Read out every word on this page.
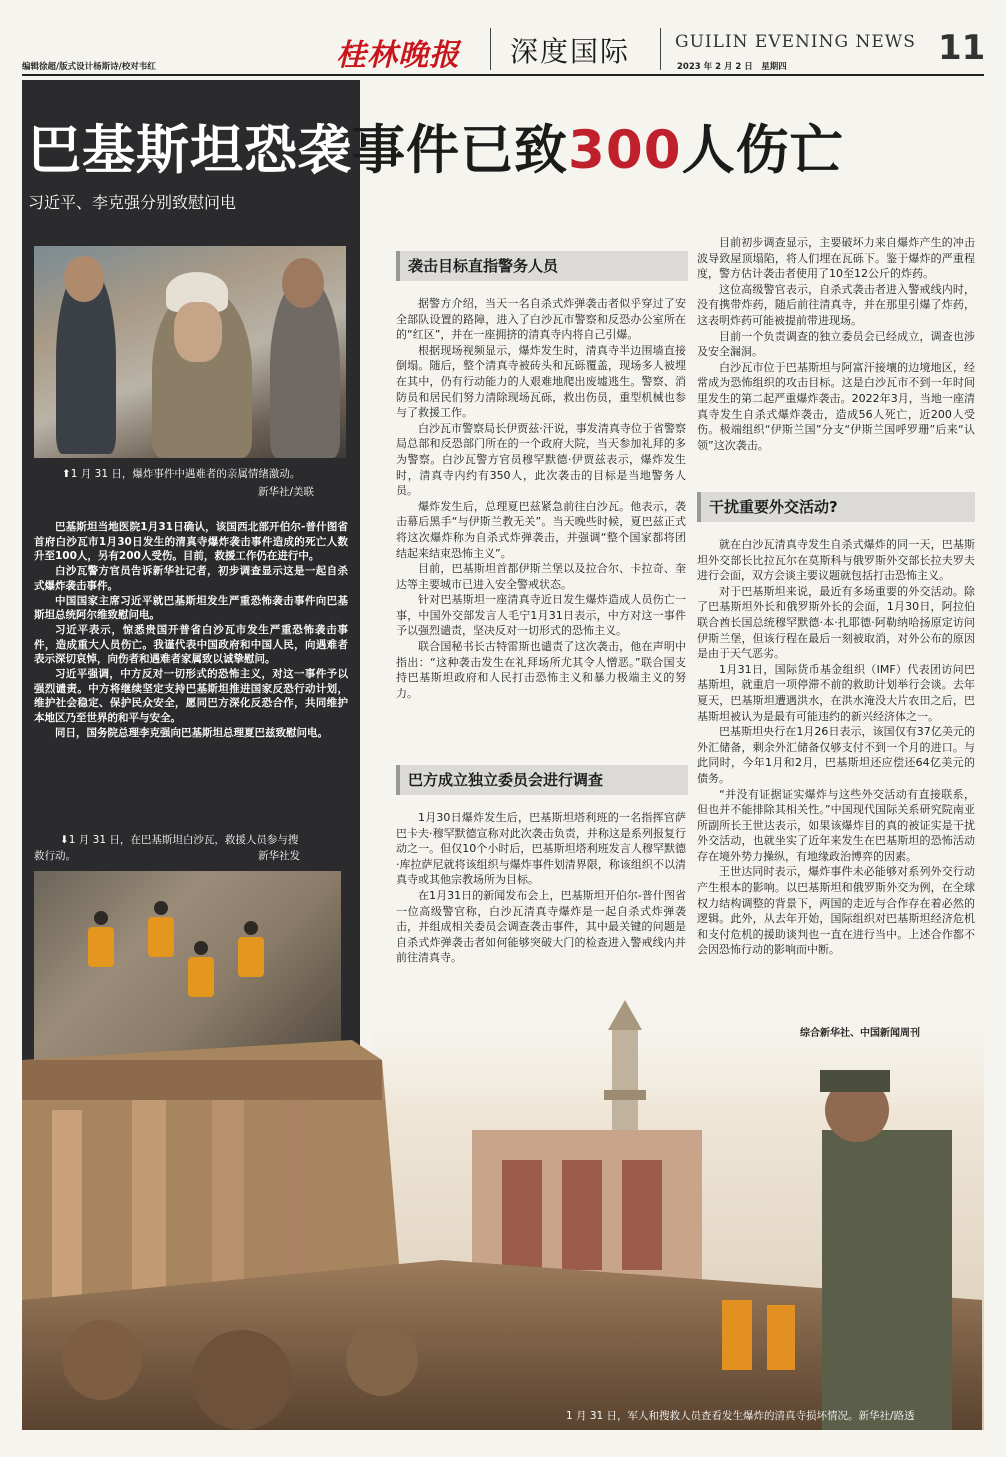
编辑徐超/版式设计杨斯诗/校对韦红	桂林晚报 深度国际	GUILIN EVENING NEWS
2023 年 2 月 2 日　星期四	11
巴基斯坦恐袭事件已致300人伤亡
习近平、李克强分别致慰问电
⬆1 月 31 日，爆炸事件中遇难者的亲属情绪激动。
新华社/美联

巴基斯坦当地医院1月31日确认，该国西北部开伯尔-普什图省首府白沙瓦市1月30日发生的清真寺爆炸袭击事件造成的死亡人数升至100人，另有200人受伤。目前，救援工作仍在进行中。

白沙瓦警方官员告诉新华社记者，初步调查显示这是一起自杀式爆炸袭击事件。

中国国家主席习近平就巴基斯坦发生严重恐怖袭击事件向巴基斯坦总统阿尔维致慰问电。

习近平表示，惊悉贵国开普省白沙瓦市发生严重恐怖袭击事件，造成重大人员伤亡。我谨代表中国政府和中国人民，向遇难者表示深切哀悼，向伤者和遇难者家属致以诚挚慰问。

习近平强调，中方反对一切形式的恐怖主义，对这一事件予以强烈谴责。中方将继续坚定支持巴基斯坦推进国家反恐行动计划，维护社会稳定、保护民众安全，愿同巴方深化反恐合作，共同维护本地区乃至世界的和平与安全。

同日，国务院总理李克强向巴基斯坦总理夏巴兹致慰问电。

⬇1 月 31 日，在巴基斯坦白沙瓦，救援人员参与搜
救行动。	新华社发
袭击目标直指警务人员

据警方介绍，当天一名自杀式炸弹袭击者似乎穿过了安全部队设置的路障，进入了白沙瓦市警察和反恐办公室所在的“红区”，并在一座拥挤的清真寺内将自己引爆。

根据现场视频显示，爆炸发生时，清真寺半边围墙直接倒塌。随后，整个清真寺被砖头和瓦砾覆盖，现场多人被埋在其中，仍有行动能力的人艰难地爬出废墟逃生。警察、消防员和居民们努力清除现场瓦砾，救出伤员，重型机械也参与了救援工作。

白沙瓦市警察局长伊贾兹·汗说，事发清真寺位于省警察局总部和反恐部门所在的一个政府大院，当天参加礼拜的多为警察。白沙瓦警方官员穆罕默德·伊贾兹表示，爆炸发生时，清真寺内约有350人，此次袭击的目标是当地警务人员。

爆炸发生后，总理夏巴兹紧急前往白沙瓦。他表示，袭击幕后黑手“与伊斯兰教无关”。当天晚些时候，夏巴兹正式将这次爆炸称为自杀式炸弹袭击，并强调“整个国家都将团结起来结束恐怖主义”。

目前，巴基斯坦首都伊斯兰堡以及拉合尔、卡拉奇、奎达等主要城市已进入安全警戒状态。

针对巴基斯坦一座清真寺近日发生爆炸造成人员伤亡一事，中国外交部发言人毛宁1月31日表示，中方对这一事件予以强烈谴责，坚决反对一切形式的恐怖主义。

联合国秘书长古特雷斯也谴责了这次袭击，他在声明中指出：“这种袭击发生在礼拜场所尤其令人憎恶。”联合国支持巴基斯坦政府和人民打击恐怖主义和暴力极端主义的努力。

巴方成立独立委员会进行调查

1月30日爆炸发生后，巴基斯坦塔利班的一名指挥官萨巴卡夫·穆罕默德宣称对此次袭击负责，并称这是系列报复行动之一。但仅10个小时后，巴基斯坦塔利班发言人穆罕默德·库拉萨尼就将该组织与爆炸事件划清界限，称该组织不以清真寺或其他宗教场所为目标。

在1月31日的新闻发布会上，巴基斯坦开伯尔-普什图省一位高级警官称，白沙瓦清真寺爆炸是一起自杀式炸弹袭击，并组成相关委员会调查袭击事件，其中最关键的问题是自杀式炸弹袭击者如何能够突破大门的检查进入警戒线内并前往清真寺。

目前初步调查显示，主要破坏力来自爆炸产生的冲击波导致屋顶塌陷，将人们埋在瓦砾下。鉴于爆炸的严重程度，警方估计袭击者使用了10至12公斤的炸药。

这位高级警官表示，自杀式袭击者进入警戒线内时，没有携带炸药，随后前往清真寺，并在那里引爆了炸药，这表明炸药可能被提前带进现场。

目前一个负责调查的独立委员会已经成立，调查也涉及安全漏洞。

白沙瓦市位于巴基斯坦与阿富汗接壤的边境地区，经常成为恐怖组织的攻击目标。这是白沙瓦市不到一年时间里发生的第二起严重爆炸袭击。2022年3月，当地一座清真寺发生自杀式爆炸袭击，造成56人死亡，近200人受伤。极端组织“伊斯兰国”分支“伊斯兰国呼罗珊”后来“认领”这次袭击。

干扰重要外交活动?

就在白沙瓦清真寺发生自杀式爆炸的同一天，巴基斯坦外交部长比拉瓦尔在莫斯科与俄罗斯外交部长拉夫罗夫进行会面，双方会谈主要议题就包括打击恐怖主义。

对于巴基斯坦来说，最近有多场重要的外交活动。除了巴基斯坦外长和俄罗斯外长的会面，1月30日，阿拉伯联合酋长国总统穆罕默德·本·扎耶德·阿勒纳哈扬原定访问伊斯兰堡，但该行程在最后一刻被取消，对外公布的原因是由于天气恶劣。

1月31日，国际货币基金组织（IMF）代表团访问巴基斯坦，就重启一项停滞不前的救助计划举行会谈。去年夏天，巴基斯坦遭遇洪水，在洪水淹没大片农田之后，巴基斯坦被认为是最有可能违约的新兴经济体之一。

巴基斯坦央行在1月26日表示，该国仅有37亿美元的外汇储备，剩余外汇储备仅够支付不到一个月的进口。与此同时，今年1月和2月，巴基斯坦还应偿还64亿美元的债务。

“并没有证据证实爆炸与这些外交活动有直接联系，但也并不能排除其相关性。”中国现代国际关系研究院南亚所副所长王世达表示，如果该爆炸目的真的被证实是干扰外交活动，也就坐实了近年来发生在巴基斯坦的恐怖活动存在境外势力操纵，有地缘政治博弈的因素。

王世达同时表示，爆炸事件未必能够对系列外交行动产生根本的影响。以巴基斯坦和俄罗斯外交为例，在全球权力结构调整的背景下，两国的走近与合作存在着必然的逻辑。此外，从去年开始，国际组织对巴基斯坦经济危机和支付危机的援助谈判也一直在进行当中。上述合作都不会因恐怖行动的影响而中断。

综合新华社、中国新闻周刊
1 月 31 日，军人和搜救人员查看发生爆炸的清真寺损坏情况。新华社/路透
